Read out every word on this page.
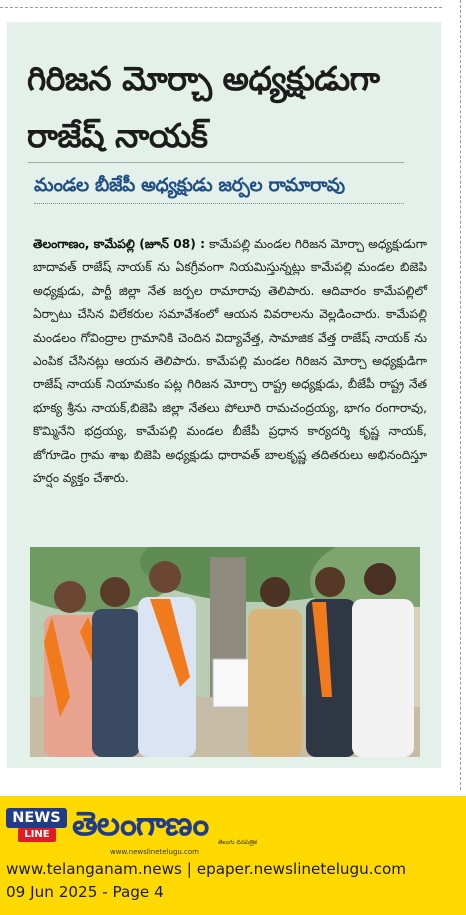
గిరిజన మోర్చా అధ్యక్షుడుగా రాజేష్ నాయక్
మండల బీజేపీ అధ్యక్షుడు జర్పల రామారావు
తెలంగాణం, కామేపల్లి (జూన్ 08) : కామేపల్లి మండల గిరిజన మోర్చా అధ్యక్షుడుగా బాదావత్ రాజేష్ నాయక్ ను ఏకగ్రీవంగా నియమిస్తున్నట్లు కామేపల్లి మండల బిజెపి అధ్యక్షుడు, పార్టీ జిల్లా నేత జర్పల రామారావు తెలిపారు. ఆదివారం కామేపల్లిలో ఏర్పాటు చేసిన విలేకరుల సమావేశంలో ఆయన వివరాలను వెల్లడించారు. కామేపల్లి మండలం గోవింద్రాల గ్రామానికి చెందిన విద్యావేత్త, సామాజిక వేత్త రాజేష్ నాయక్ ను ఎంపిక చేసినట్లు ఆయన తెలిపారు. కామేపల్లి మండల గిరిజన మోర్చా అధ్యక్షుడిగా రాజేష్ నాయక్ నియామకం పట్ల గిరిజన మోర్చా రాష్ట్ర అధ్యక్షుడు, బీజేపీ రాష్ట్ర నేత భూక్య శ్రీను నాయక్,బిజెపి జిల్లా నేతలు పోలూరి రామచంద్రయ్య, భాగం రంగారావు, కొమ్మినేని భద్రయ్య, కామేపల్లి మండల బీజేపీ ప్రధాన కార్యదర్శి కృష్ణ నాయక్, జోగూడెం గ్రామ శాఖ బిజెపి అధ్యక్షుడు ధారావత్ బాలకృష్ణ తదితరులు అభినందిస్తూ హర్షం వ్యక్తం చేశారు.
NEWS
LINE తెలంగాణం తెలుగు దినపత్రిక
www.newslinetelugu.com
www.telanganam.news | epaper.newslinetelugu.com
09 Jun 2025 - Page 4
